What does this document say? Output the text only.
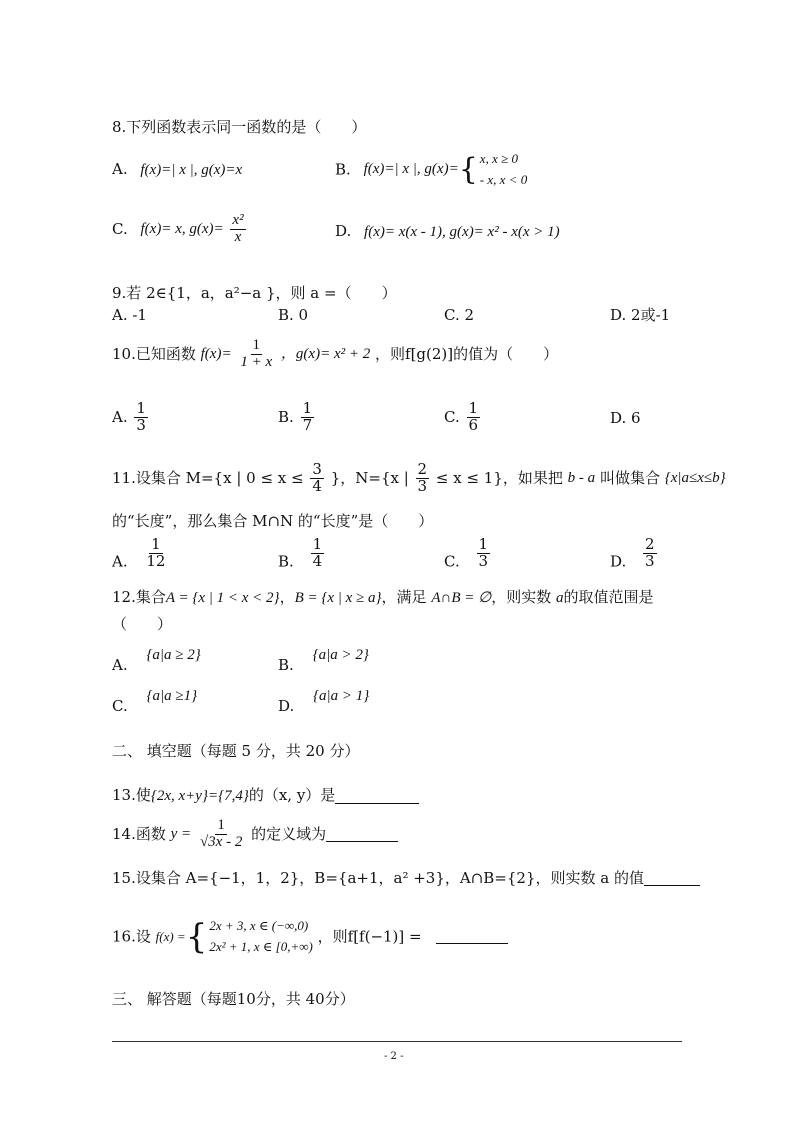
8.下列函数表示同一函数的是（　　）
A. f(x)=| x |, g(x)=x	B. f(x)=| x |, g(x)= { x, x ≥ 0
- x, x < 0
C. f(x)= x, $g(x)= \frac{\text{x²}}{x}$	D. f(x)= x(x - 1), g(x)= x² - x(x > 1)
9.若 2∈{1，a，a²−a }，则 a =（　　）
A. -1	B. 0	C. 2	D. 2或-1
10.已知函数 $f(x)= \frac{1}{1 + x}$ ，g(x)= x² + 2 ，则f[g(2)]的值为（　　）
A. $\frac{1}{3}$	B. $\frac{1}{7}$	C. $\frac{1}{6}$	D. 6
11.设集合 M={x | $0 \le x \le \frac{3}{4}$ }，N={x | $\frac{2}{3} \le x \le 1$}，如果把 b - a 叫做集合 {x|a≤x≤b}
的“长度”，那么集合 M∩N 的“长度”是（　　）
A. $\frac{1}{12}$	B. $\frac{1}{4}$	C. $\frac{1}{3}$	D. $\frac{2}{3}$
12.集合A = {x | 1 < x < 2}，B = {x | x ≥ a}，满足 A∩B = ∅，则实数 a的取值范围是
（　　）
A. {a|a ≥ 2}
B. {a|a > 2}
C. {a|a ≥1}
D. {a|a > 1}
二、 填空题（每题 5 分，共 20 分）
13.使{2x, x+y}={7,4}的（x, y）是
14.函数 $y = \frac{1}{√3x - 2}$ 的定义域为
15.设集合 A={−1，1，2}，B={a+1，a² +3}，A∩B={2}，则实数 a 的值
16.设 f(x) = { 2x + 3, x ∈ (−∞,0)
2x² + 1, x ∈ [0,+∞)
，则f[f(−1)] =
三、 解答题（每题10分，共 40分）
- 2 -
